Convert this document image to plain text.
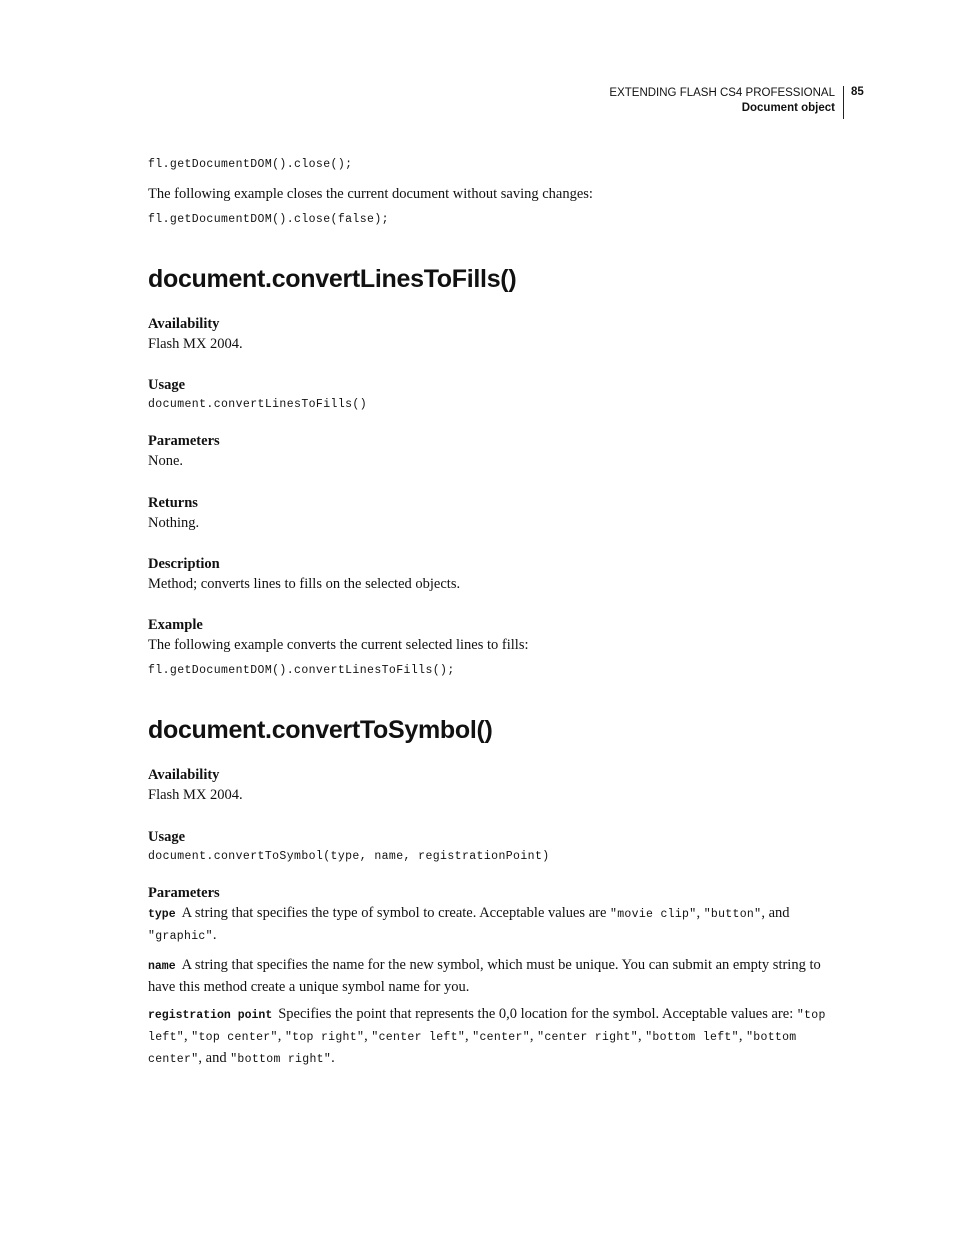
EXTENDING FLASH CS4 PROFESSIONAL
Document object
85
fl.getDocumentDOM().close();

The following example closes the current document without saving changes:

fl.getDocumentDOM().close(false);
document.convertLinesToFills()

Availability

Flash MX 2004.

Usage

document.convertLinesToFills()

Parameters

None.

Returns

Nothing.

Description

Method; converts lines to fills on the selected objects.

Example

The following example converts the current selected lines to fills:

fl.getDocumentDOM().convertLinesToFills();
document.convertToSymbol()

Availability

Flash MX 2004.

Usage

document.convertToSymbol(type, name, registrationPoint)

Parameters

type A string that specifies the type of symbol to create. Acceptable values are "movie clip", "button", and
"graphic".

name A string that specifies the name for the new symbol, which must be unique. You can submit an empty string to have this method create a unique symbol name for you.

registration point Specifies the point that represents the 0,0 location for the symbol. Acceptable values are: "top left", "top center", "top right", "center left", "center", "center right", "bottom left", "bottom center", and "bottom right".
